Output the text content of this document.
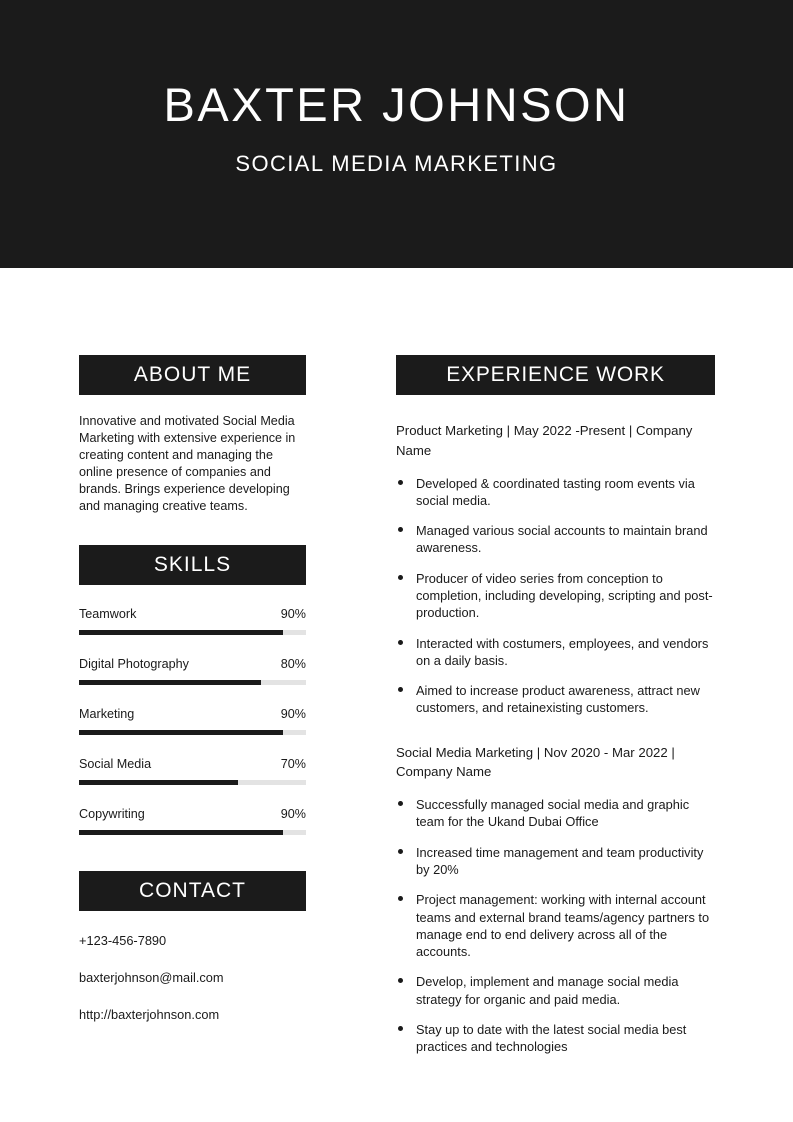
BAXTER JOHNSON
SOCIAL MEDIA MARKETING
ABOUT ME
Innovative and motivated Social Media Marketing with extensive experience in creating content and managing the online presence of companies and brands. Brings experience developing and managing creative teams.
SKILLS
Teamwork	90%
Digital Photography	80%
Marketing	90%
Social Media	70%
Copywriting	90%
CONTACT
+123-456-7890
baxterjohnson@mail.com
http://baxterjohnson.com
EXPERIENCE WORK
Product Marketing | May 2022 -Present | Company Name
Developed & coordinated tasting room events via social media.
Managed various social accounts to maintain brand awareness.
Producer of video series from conception to completion, including developing, scripting and post-production.
Interacted with costumers, employees, and vendors on a daily basis.
Aimed to increase product awareness, attract new customers, and retainexisting customers.
Social Media Marketing | Nov 2020 - Mar 2022 | Company Name
Successfully managed social media and graphic team for the Ukand Dubai Office
Increased time management and team productivity by 20%
Project management: working with internal account teams and external brand teams/agency partners to manage end to end delivery across all of the accounts.
Develop, implement and manage social media strategy for organic and paid media.
Stay up to date with the latest social media best practices and technologies
